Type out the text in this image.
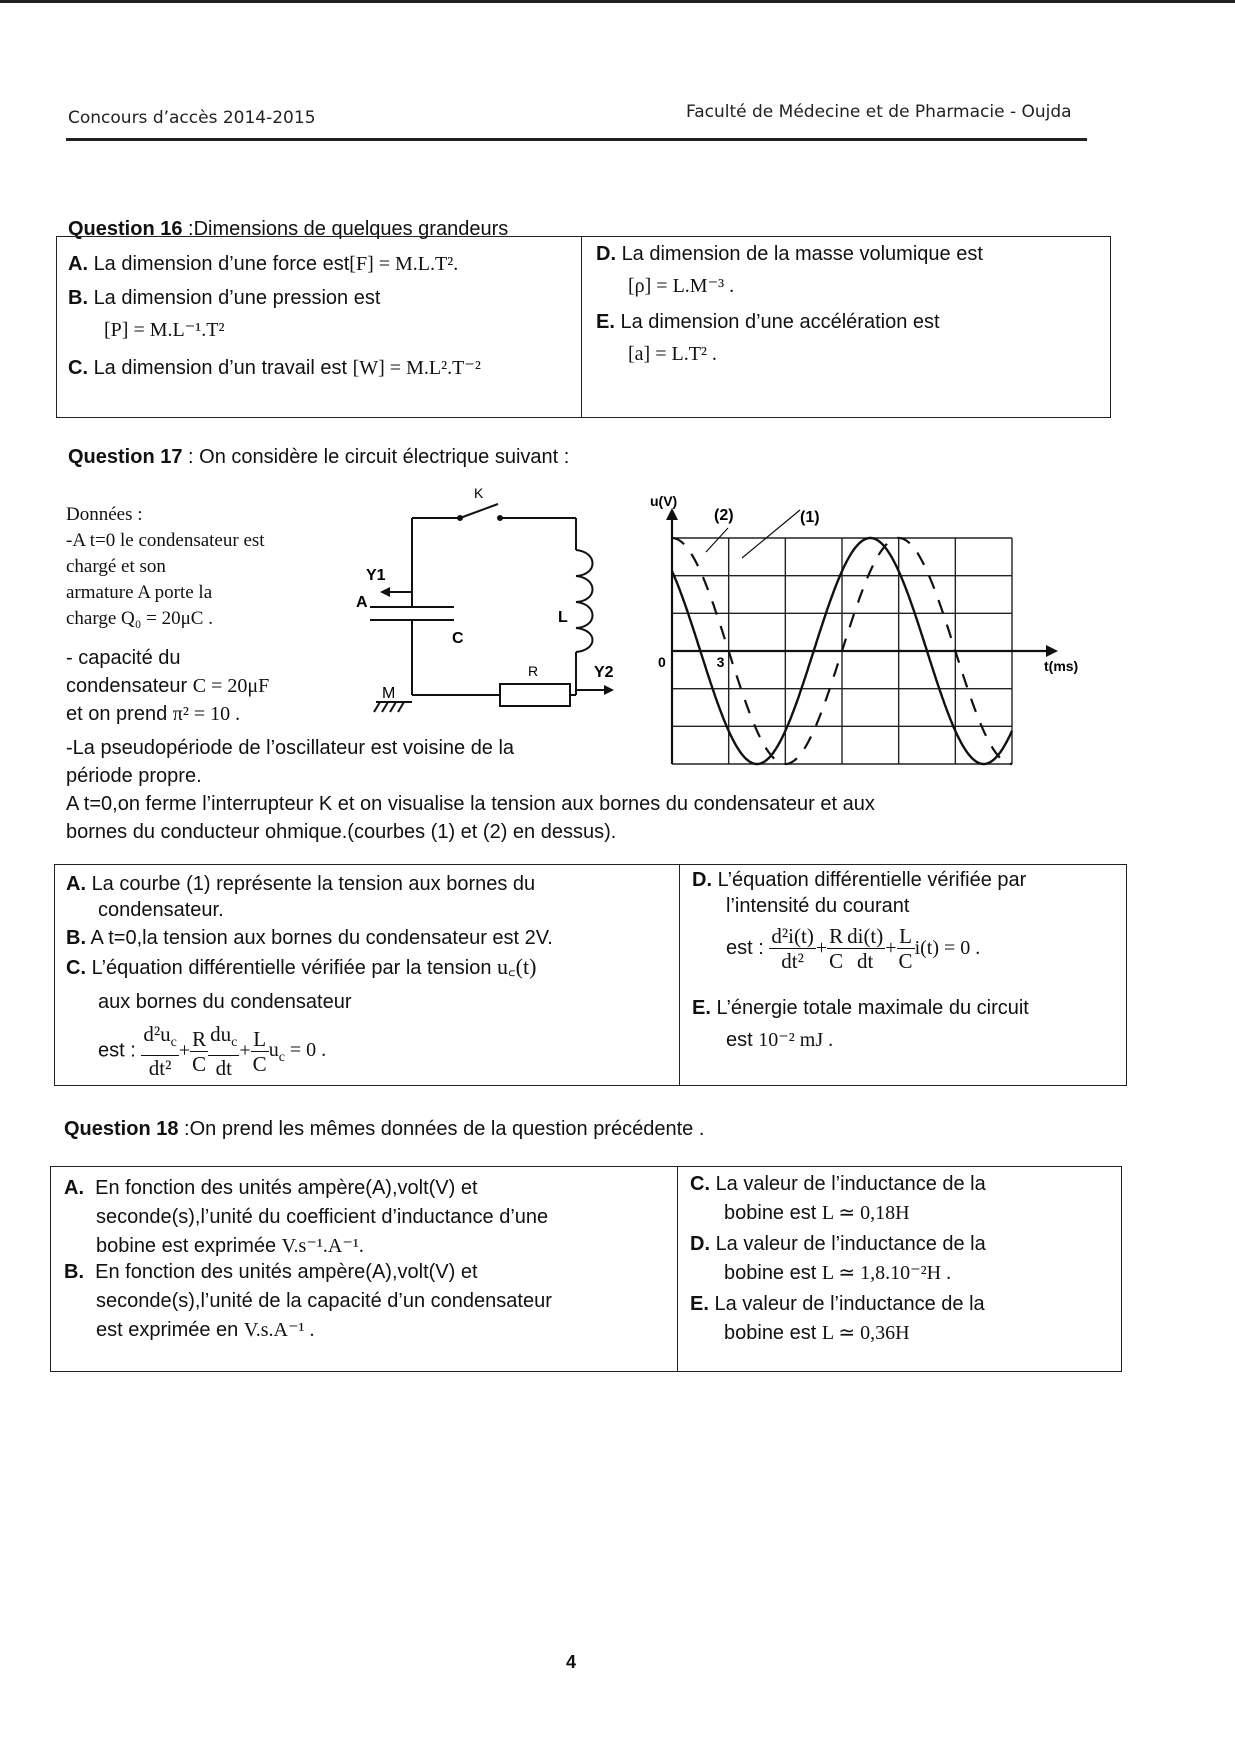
Concours d’accès 2014-2015	Faculté de Médecine et de Pharmacie - Oujda
Question 16 :Dimensions de quelques grandeurs
A. La dimension d’une force est[F] = M.L.T².
B. La dimension d’une pression est
[P] = M.L⁻¹.T²
C. La dimension d’un travail est [W] = M.L².T⁻²
D. La dimension de la masse volumique est
[ρ] = L.M⁻³ .
E. La dimension d’une accélération est
[a] = L.T² .
Question 17 : On considère le circuit électrique suivant :
Données :
-A t=0 le condensateur est
chargé et son
armature A porte la
charge Q₀ = 20μC .
- capacité du
condensateur C = 20μF
et on prend π² = 10 .
K
Y1
A
C
L
R
M
Y2
u(V)
(2)	(1)
t(ms)
0	3
-La pseudopériode de l’oscillateur est voisine de la
période propre.
A t=0,on ferme l’interrupteur K et on visualise la tension aux bornes du condensateur et aux
bornes du conducteur ohmique.(courbes (1) et (2) en dessus).
A. La courbe (1) représente la tension aux bornes du
condensateur.
B. A t=0,la tension aux bornes du condensateur est 2V.
C. L’équation différentielle vérifiée par la tension u꜀(t)
aux bornes du condensateur
est : $\frac{d^2u_c}{\text{dt²}} + \frac{R}{C} \frac{du_c}{dt} + \frac{L}{C} u_c = 0$ .
D. L’équation différentielle vérifiée par
l’intensité du courant
est : $\frac{\text{d²i(t)}}{\text{dt²}} + \frac{R}{C} \frac{di(t)}{dt} + \frac{L}{C} i(t) = 0$ .
E. L’énergie totale maximale du circuit
est 10⁻² mJ .
Question 18 :On prend les mêmes données de la question précédente .
A. En fonction des unités ampère(A),volt(V) et
seconde(s),l’unité du coefficient d’inductance d’une
bobine est exprimée V.s⁻¹.A⁻¹.
B. En fonction des unités ampère(A),volt(V) et
seconde(s),l’unité de la capacité d’un condensateur
est exprimée en V.s.A⁻¹ .
C. La valeur de l’inductance de la
bobine est L ≃ 0,18H
D. La valeur de l’inductance de la
bobine est L ≃ 1,8.10⁻²H .
E. La valeur de l’inductance de la
bobine est L ≃ 0,36H
4
